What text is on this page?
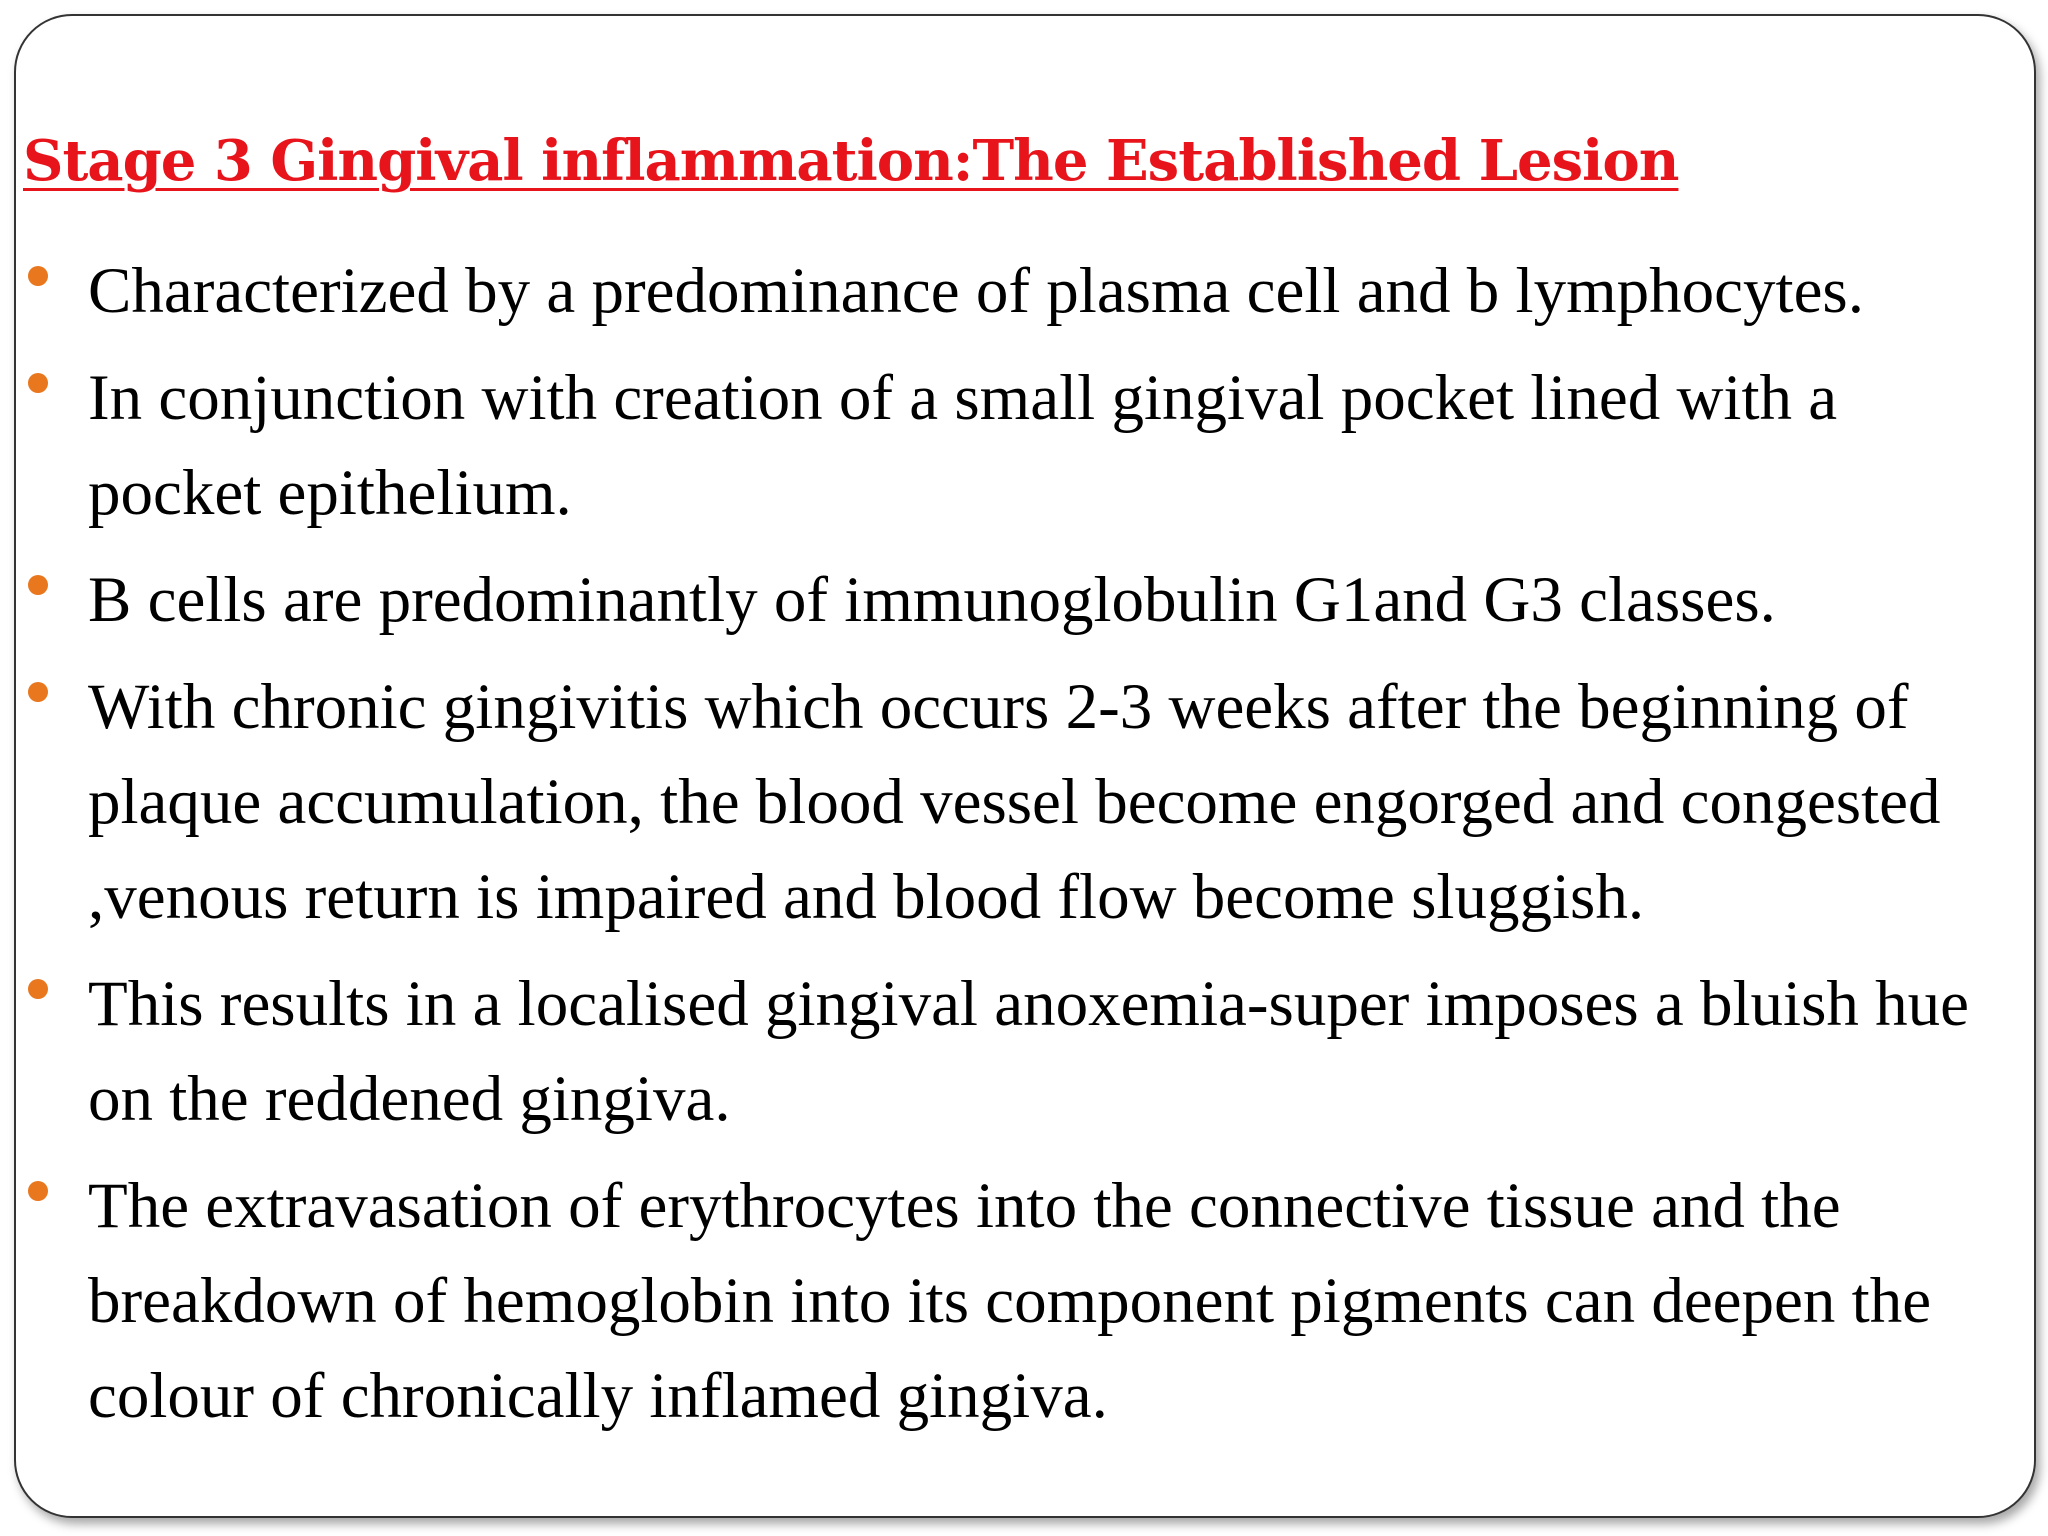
Stage 3 Gingival inflammation:The Established Lesion
Characterized by a predominance of plasma cell and b lymphocytes.
In conjunction with creation of a small gingival pocket lined with a pocket epithelium.
B cells are predominantly of immunoglobulin G1and G3 classes.
With chronic gingivitis which occurs 2-3 weeks after the beginning of plaque accumulation, the blood vessel become engorged and congested ,venous return is impaired and blood flow become sluggish.
This results in a localised gingival anoxemia-super imposes a bluish hue on the reddened gingiva.
The extravasation of erythrocytes into the connective tissue and the breakdown of hemoglobin into its component pigments can deepen the colour of chronically inflamed gingiva.
